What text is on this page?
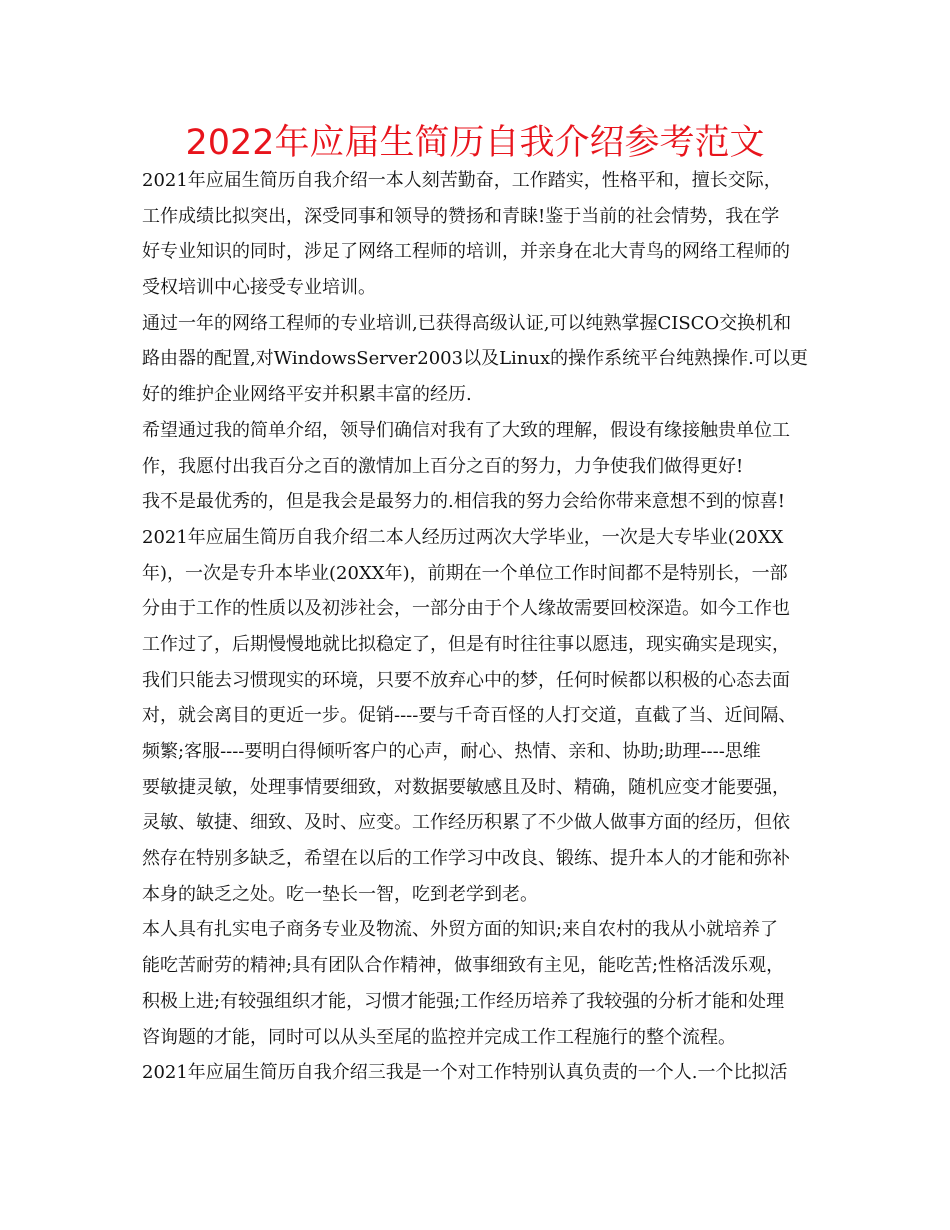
2022年应届生简历自我介绍参考范文
2021年应届生简历自我介绍一本人刻苦勤奋，工作踏实，性格平和，擅长交际，
工作成绩比拟突出，深受同事和领导的赞扬和青睐!鉴于当前的社会情势，我在学
好专业知识的同时，涉足了网络工程师的培训，并亲身在北大青鸟的网络工程师的
受权培训中心接受专业培训。
通过一年的网络工程师的专业培训,已获得高级认证,可以纯熟掌握CISCO交换机和
路由器的配置,对WindowsServer2003以及Linux的操作系统平台纯熟操作.可以更
好的维护企业网络平安并积累丰富的经历.
希望通过我的简单介绍，领导们确信对我有了大致的理解，假设有缘接触贵单位工
作，我愿付出我百分之百的激情加上百分之百的努力，力争使我们做得更好!
我不是最优秀的，但是我会是最努力的.相信我的努力会给你带来意想不到的惊喜!
2021年应届生简历自我介绍二本人经历过两次大学毕业，一次是大专毕业(20XX
年)，一次是专升本毕业(20XX年)，前期在一个单位工作时间都不是特别长，一部
分由于工作的性质以及初涉社会，一部分由于个人缘故需要回校深造。如今工作也
工作过了，后期慢慢地就比拟稳定了，但是有时往往事以愿违，现实确实是现实，
我们只能去习惯现实的环境，只要不放弃心中的梦，任何时候都以积极的心态去面
对，就会离目的更近一步。促销----要与千奇百怪的人打交道，直截了当、近间隔、
频繁;客服----要明白得倾听客户的心声，耐心、热情、亲和、协助;助理----思维
要敏捷灵敏，处理事情要细致，对数据要敏感且及时、精确，随机应变才能要强，
灵敏、敏捷、细致、及时、应变。工作经历积累了不少做人做事方面的经历，但依
然存在特别多缺乏，希望在以后的工作学习中改良、锻练、提升本人的才能和弥补
本身的缺乏之处。吃一垫长一智，吃到老学到老。
本人具有扎实电子商务专业及物流、外贸方面的知识;来自农村的我从小就培养了
能吃苦耐劳的精神;具有团队合作精神，做事细致有主见，能吃苦;性格活泼乐观，
积极上进;有较强组织才能，习惯才能强;工作经历培养了我较强的分析才能和处理
咨询题的才能，同时可以从头至尾的监控并完成工作工程施行的整个流程。
2021年应届生简历自我介绍三我是一个对工作特别认真负责的一个人.一个比拟活
